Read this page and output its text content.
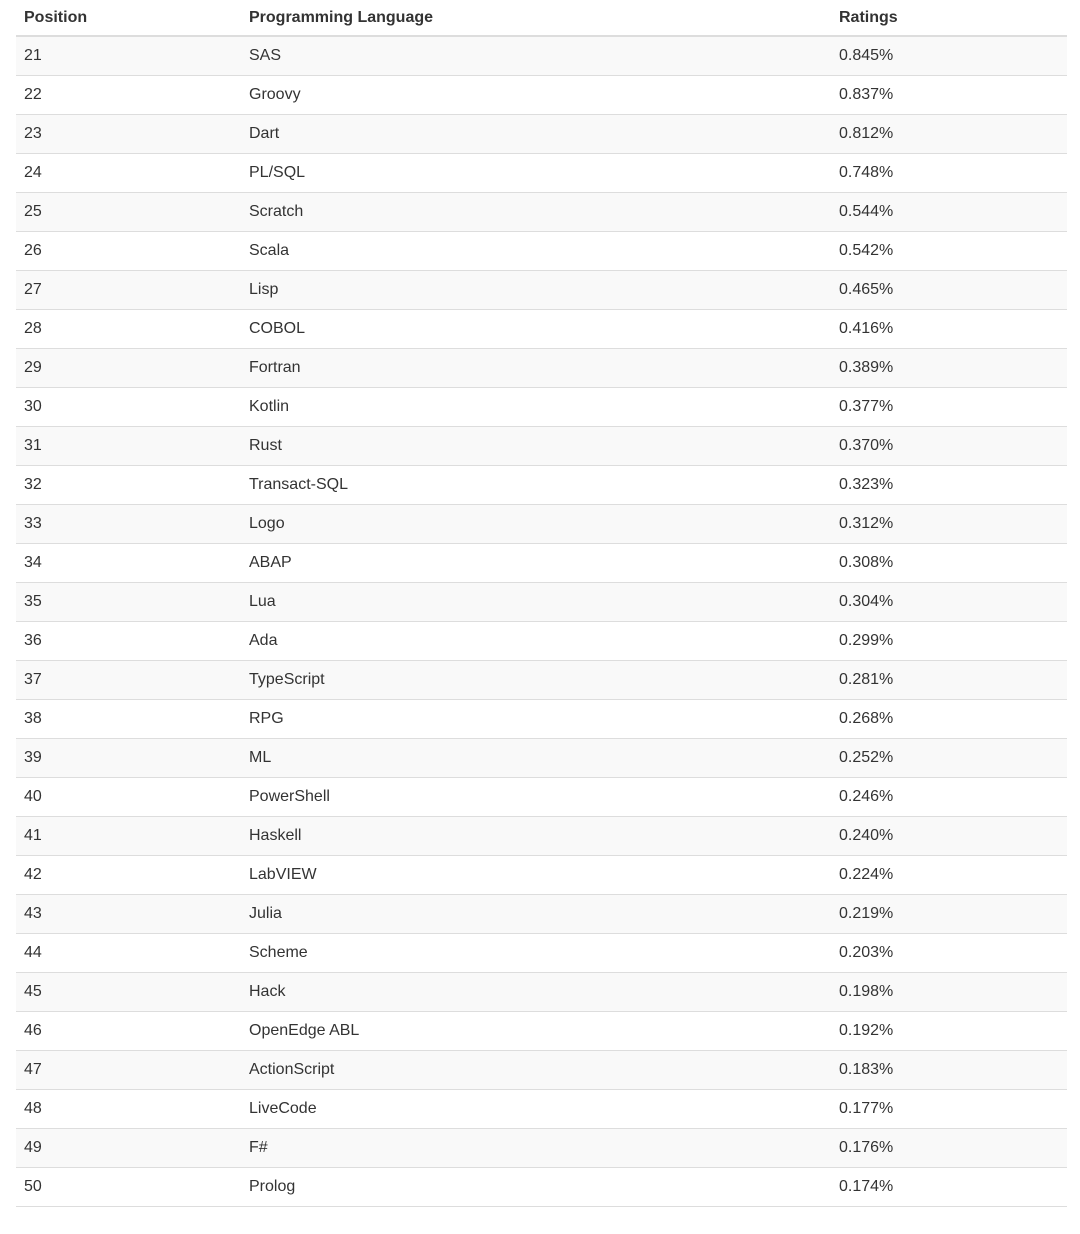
Position	Programming Language	Ratings
21	SAS	0.845%
22	Groovy	0.837%
23	Dart	0.812%
24	PL/SQL	0.748%
25	Scratch	0.544%
26	Scala	0.542%
27	Lisp	0.465%
28	COBOL	0.416%
29	Fortran	0.389%
30	Kotlin	0.377%
31	Rust	0.370%
32	Transact-SQL	0.323%
33	Logo	0.312%
34	ABAP	0.308%
35	Lua	0.304%
36	Ada	0.299%
37	TypeScript	0.281%
38	RPG	0.268%
39	ML	0.252%
40	PowerShell	0.246%
41	Haskell	0.240%
42	LabVIEW	0.224%
43	Julia	0.219%
44	Scheme	0.203%
45	Hack	0.198%
46	OpenEdge ABL	0.192%
47	ActionScript	0.183%
48	LiveCode	0.177%
49	F#	0.176%
50	Prolog	0.174%
